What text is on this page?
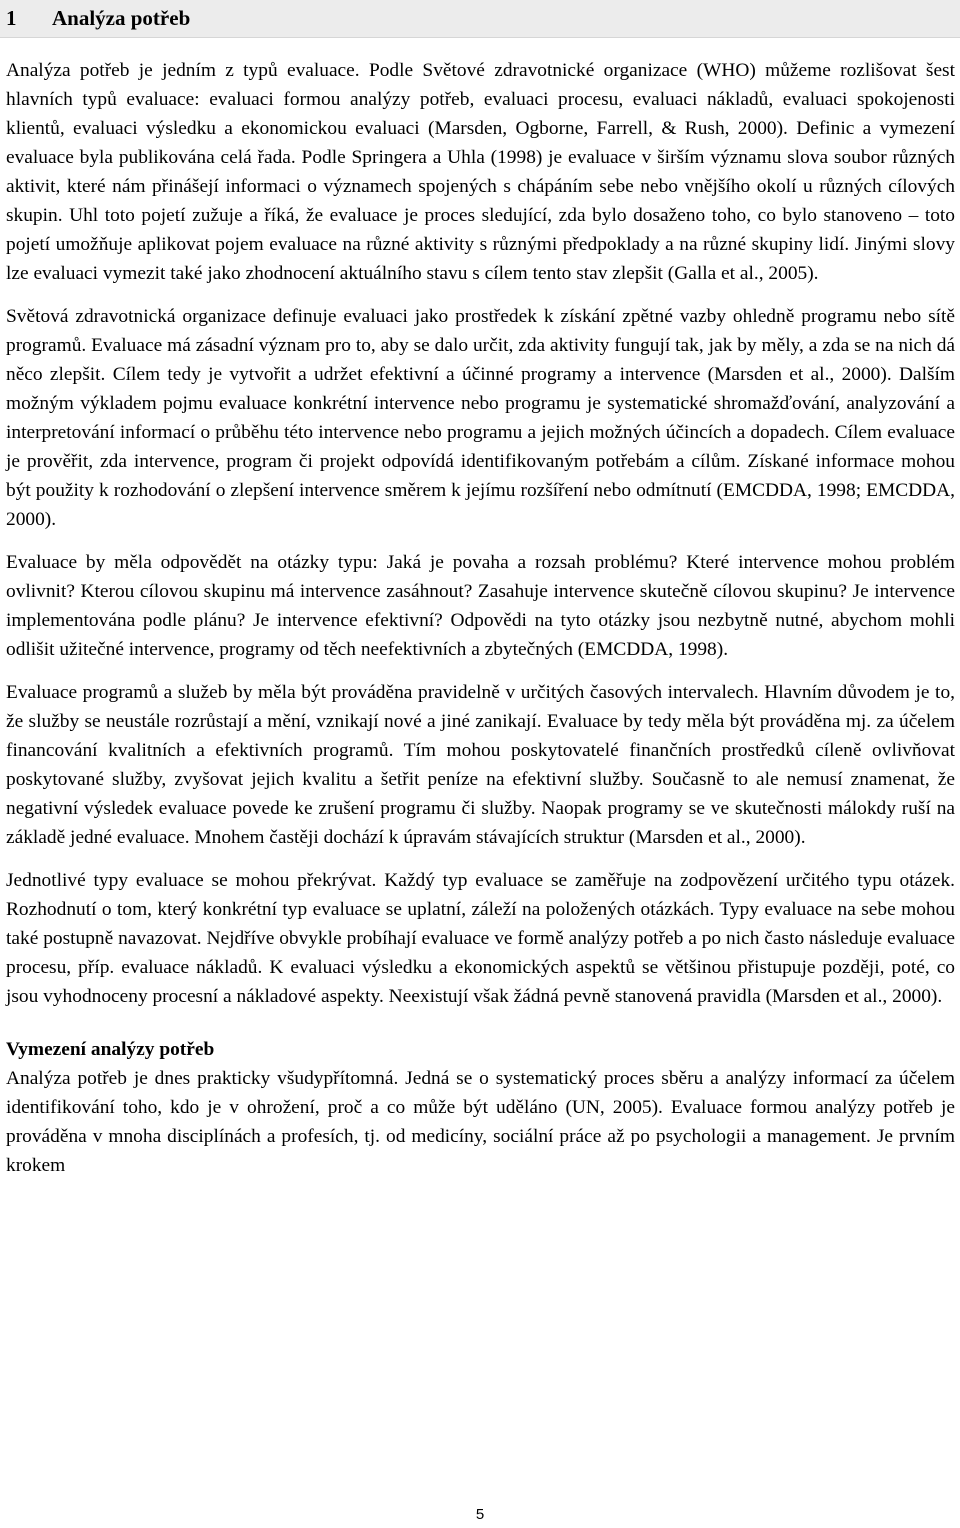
1 Analýza potřeb

Analýza potřeb je jedním z typů evaluace. Podle Světové zdravotnické organizace (WHO) můžeme rozlišovat šest hlavních typů evaluace: evaluaci formou analýzy potřeb, evaluaci procesu, evaluaci nákladů, evaluaci spokojenosti klientů, evaluaci výsledku a ekonomickou evaluaci (Marsden, Ogborne, Farrell, & Rush, 2000). Definic a vymezení evaluace byla publikována celá řada. Podle Springera a Uhla (1998) je evaluace v širším významu slova soubor různých aktivit, které nám přinášejí informaci o významech spojených s chápáním sebe nebo vnějšího okolí u různých cílových skupin. Uhl toto pojetí zužuje a říká, že evaluace je proces sledující, zda bylo dosaženo toho, co bylo stanoveno – toto pojetí umožňuje aplikovat pojem evaluace na různé aktivity s různými předpoklady a na různé skupiny lidí. Jinými slovy lze evaluaci vymezit také jako zhodnocení aktuálního stavu s cílem tento stav zlepšit (Galla et al., 2005).

Světová zdravotnická organizace definuje evaluaci jako prostředek k získání zpětné vazby ohledně programu nebo sítě programů. Evaluace má zásadní význam pro to, aby se dalo určit, zda aktivity fungují tak, jak by měly, a zda se na nich dá něco zlepšit. Cílem tedy je vytvořit a udržet efektivní a účinné programy a intervence (Marsden et al., 2000). Dalším možným výkladem pojmu evaluace konkrétní intervence nebo programu je systematické shromažďování, analyzování a interpretování informací o průběhu této intervence nebo programu a jejich možných účincích a dopadech. Cílem evaluace je prověřit, zda intervence, program či projekt odpovídá identifikovaným potřebám a cílům. Získané informace mohou být použity k rozhodování o zlepšení intervence směrem k jejímu rozšíření nebo odmítnutí (EMCDDA, 1998; EMCDDA, 2000).

Evaluace by měla odpovědět na otázky typu: Jaká je povaha a rozsah problému? Které intervence mohou problém ovlivnit? Kterou cílovou skupinu má intervence zasáhnout? Zasahuje intervence skutečně cílovou skupinu? Je intervence implementována podle plánu? Je intervence efektivní? Odpovědi na tyto otázky jsou nezbytně nutné, abychom mohli odlišit užitečné intervence, programy od těch neefektivních a zbytečných (EMCDDA, 1998).

Evaluace programů a služeb by měla být prováděna pravidelně v určitých časových intervalech. Hlavním důvodem je to, že služby se neustále rozrůstají a mění, vznikají nové a jiné zanikají. Evaluace by tedy měla být prováděna mj. za účelem financování kvalitních a efektivních programů. Tím mohou poskytovatelé finančních prostředků cíleně ovlivňovat poskytované služby, zvyšovat jejich kvalitu a šetřit peníze na efektivní služby. Současně to ale nemusí znamenat, že negativní výsledek evaluace povede ke zrušení programu či služby. Naopak programy se ve skutečnosti málokdy ruší na základě jedné evaluace. Mnohem častěji dochází k úpravám stávajících struktur (Marsden et al., 2000).

Jednotlivé typy evaluace se mohou překrývat. Každý typ evaluace se zaměřuje na zodpovězení určitého typu otázek. Rozhodnutí o tom, který konkrétní typ evaluace se uplatní, záleží na položených otázkách. Typy evaluace na sebe mohou také postupně navazovat. Nejdříve obvykle probíhají evaluace ve formě analýzy potřeb a po nich často následuje evaluace procesu, příp. evaluace nákladů. K evaluaci výsledku a ekonomických aspektů se většinou přistupuje později, poté, co jsou vyhodnoceny procesní a nákladové aspekty. Neexistují však žádná pevně stanovená pravidla (Marsden et al., 2000).

Vymezení analýzy potřeb

Analýza potřeb je dnes prakticky všudypřítomná. Jedná se o systematický proces sběru a analýzy informací za účelem identifikování toho, kdo je v ohrožení, proč a co může být uděláno (UN, 2005). Evaluace formou analýzy potřeb je prováděna v mnoha disciplínách a profesích, tj. od medicíny, sociální práce až po psychologii a management. Je prvním krokem

5
